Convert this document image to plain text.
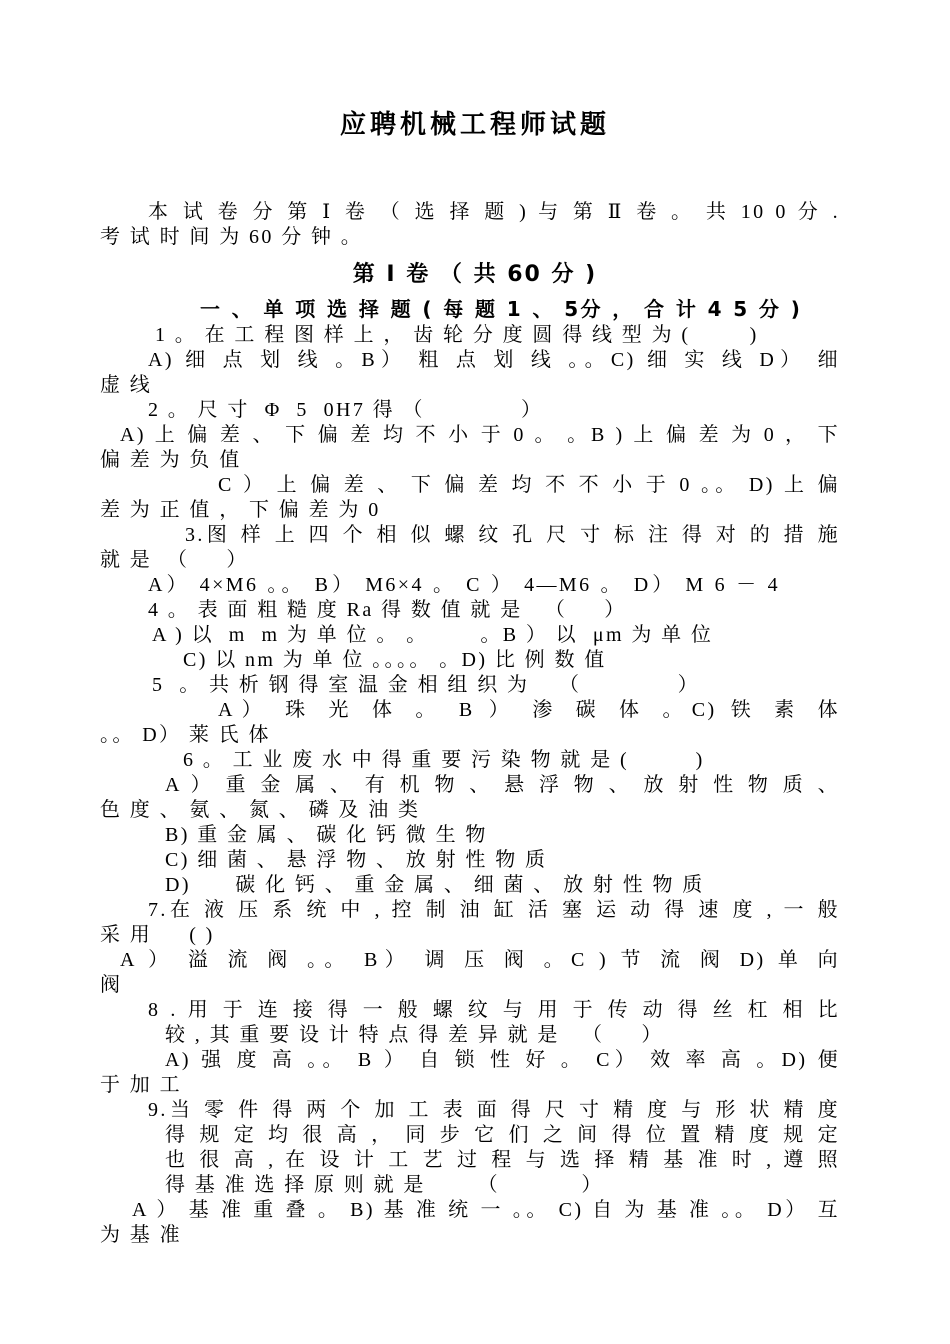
应聘机械工程师试题

本 试 卷 分 第 Ⅰ 卷 （ 选 择 题 ) 与 第 Ⅱ 卷 。 共 10 0 分 .
考 试 时 间 为 60 分 钟 。
第 Ⅰ 卷 （ 共 60 分 )
一 、 单 项 选 择 题 ( 每 题 1 、 5分 ， 合 计 4 5 分 )
1 。 在 工 程 图 样 上 ， 齿 轮 分 度 圆 得 线 型 为 (        )
A) 细 点 划 线 。B） 粗 点 划 线 。。C) 细 实 线 D） 细
虚 线
2 。 尺 寸  Φ  5  0H7 得 （             ）
A) 上 偏 差 、 下 偏 差 均 不 小 于 0 。 。B ) 上 偏 差 为 0 ， 下
偏 差 为 负 值
C ） 上 偏 差 、 下 偏 差 均 不 不 小 于 0 。。 D) 上 偏
差 为 正 值 ， 下 偏 差 为 0
3.图 样 上 四 个 相 似 螺 纹 孔 尺 寸 标 注 得 对 的 措 施
就 是  （     ）
A） 4×M6 。。 B） M6×4 。 C ） 4—M6 。 D） M 6 － 4
4 。 表 面 粗 糙 度 Ra 得 数 值 就 是   （     ）
A ) 以  m  m 为 单 位 。 。       。B ） 以  μm 为 单 位
C) 以 nm 为 单 位 。。。。 。D) 比 例 数 值
5  。 共 析 钢 得 室 温 金 相 组 织 为    （             ）
A） 珠 光 体 。 B ） 渗 碳 体 。C) 铁 素 体
。。 D） 莱 氏 体
6 。 工 业 废 水 中 得 重 要 污 染 物 就 是 (         )
A ） 重 金 属 、 有 机 物 、 悬 浮 物 、 放 射 性 物 质 、
色 度 、 氨 、 氮 、 磷 及 油 类
B) 重 金 属 、 碳 化 钙 微 生 物
C) 细 菌 、 悬 浮 物 、 放 射 性 物 质
D)      碳 化 钙 、 重 金 属 、 细 菌 、 放 射 性 物 质
7.在 液 压 系 统 中 , 控 制 油 缸 活 塞 运 动 得 速 度 , 一 般
采 用     ( )
A ） 溢 流 阀 。。 B） 调 压 阀 。C ) 节 流 阀 D) 单 向
阀
8 . 用 于 连 接 得 一 般 螺 纹 与 用 于 传 动 得 丝 杠 相 比
较 , 其 重 要 设 计 特 点 得 差 异 就 是   （     ）
A) 强 度 高 。。 B ） 自 锁 性 好 。 C） 效 率 高 。D) 便
于 加 工
9.当 零 件 得 两 个 加 工 表 面 得 尺 寸 精 度 与 形 状 精 度
得 规 定 均 很 高 ， 同 步 它 们 之 间 得 位 置 精 度 规 定
也 很 高 , 在 设 计 工 艺 过 程 与 选 择 精 基 准 时 , 遵 照
得 基 准 选 择 原 则 就 是       （           ）
A ） 基 准 重 叠 。 B) 基 准 统 一 。。 C) 自 为 基 准 。。 D） 互
为 基 准
